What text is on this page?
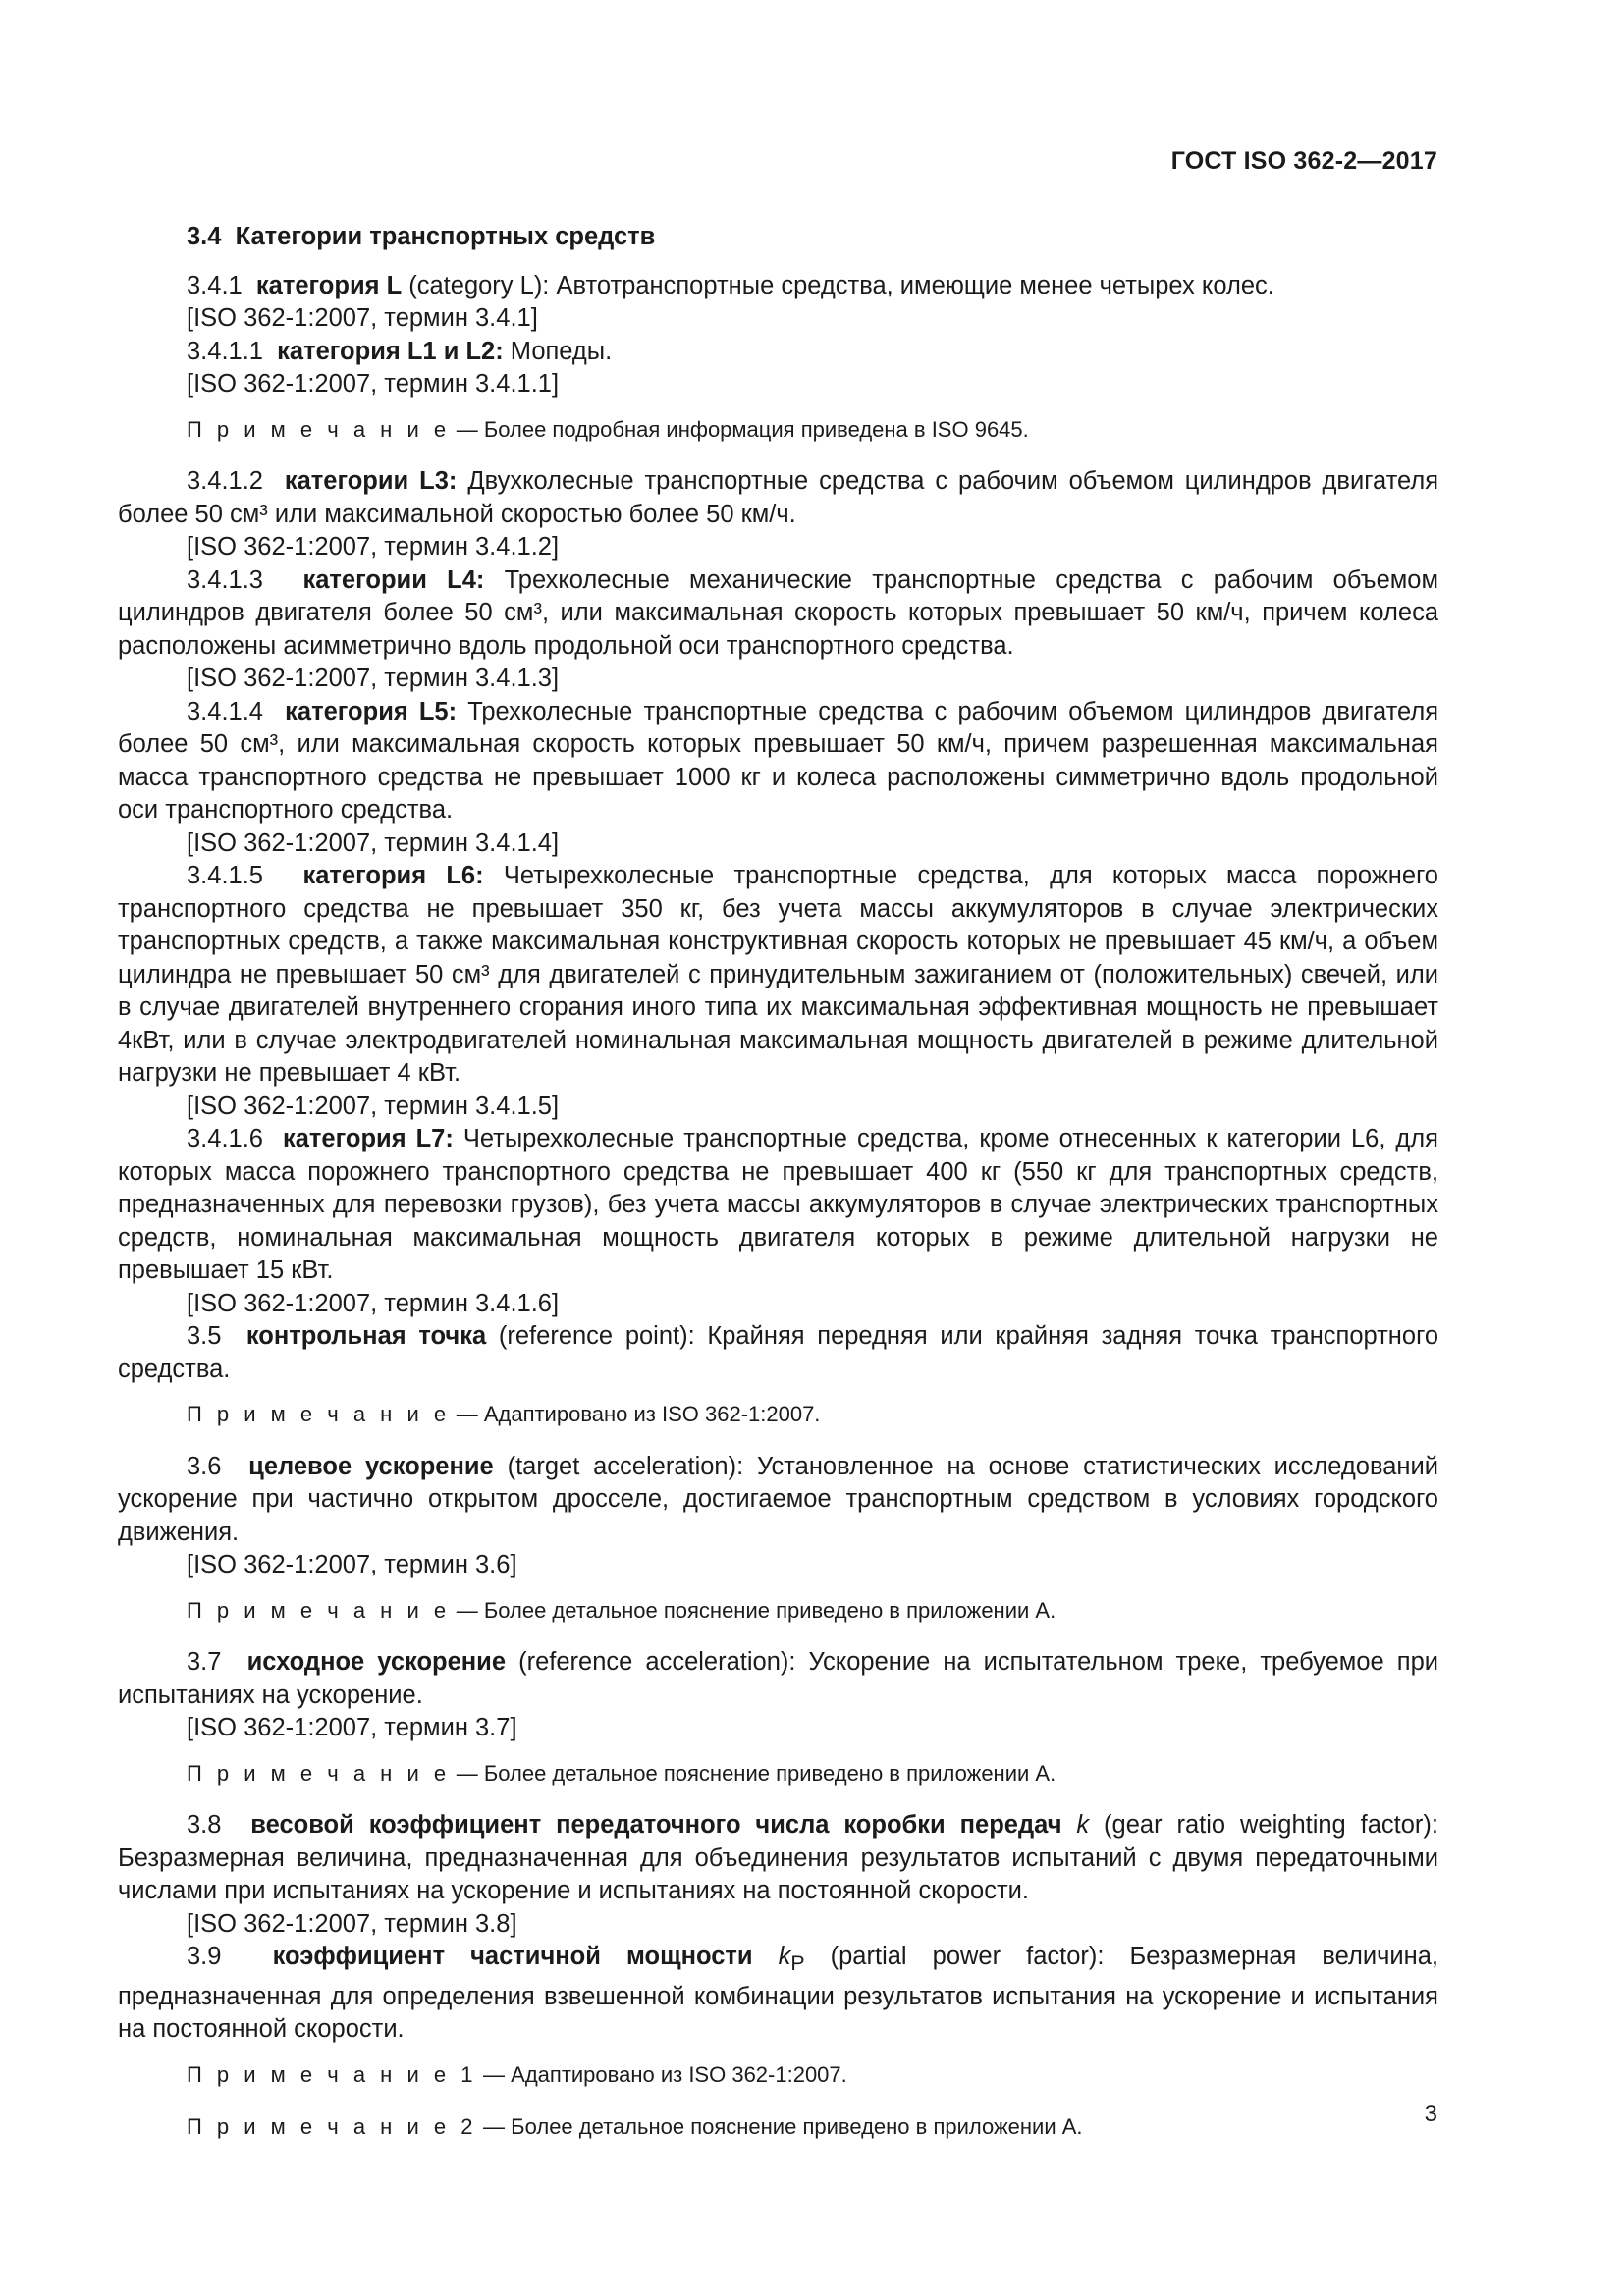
ГОСТ ISO 362-2—2017

3.4 Категории транспортных средств

3.4.1 категория L (category L): Автотранспортные средства, имеющие менее четырех колес.

[ISO 362-1:2007, термин 3.4.1]

3.4.1.1 категория L1 и L2: Мопеды.

[ISO 362-1:2007, термин 3.4.1.1]

П р и м е ч а н и е — Более подробная информация приведена в ISO 9645.

3.4.1.2 категории L3: Двухколесные транспортные средства с рабочим объемом цилиндров двигателя более 50 см³ или максимальной скоростью более 50 км/ч.

[ISO 362-1:2007, термин 3.4.1.2]

3.4.1.3 категории L4: Трехколесные механические транспортные средства с рабочим объемом цилиндров двигателя более 50 см³, или максимальная скорость которых превышает 50 км/ч, причем колеса расположены асимметрично вдоль продольной оси транспортного средства.

[ISO 362-1:2007, термин 3.4.1.3]

3.4.1.4 категория L5: Трехколесные транспортные средства с рабочим объемом цилиндров двигателя более 50 см³, или максимальная скорость которых превышает 50 км/ч, причем разрешенная максимальная масса транспортного средства не превышает 1000 кг и колеса расположены симметрично вдоль продольной оси транспортного средства.

[ISO 362-1:2007, термин 3.4.1.4]

3.4.1.5 категория L6: Четырехколесные транспортные средства, для которых масса порожнего транспортного средства не превышает 350 кг, без учета массы аккумуляторов в случае электрических транспортных средств, а также максимальная конструктивная скорость которых не превышает 45 км/ч, а объем цилиндра не превышает 50 см³ для двигателей с принудительным зажиганием от (положительных) свечей, или в случае двигателей внутреннего сгорания иного типа их максимальная эффективная мощность не превышает 4кВт, или в случае электродвигателей номинальная максимальная мощность двигателей в режиме длительной нагрузки не превышает 4 кВт.

[ISO 362-1:2007, термин 3.4.1.5]

3.4.1.6 категория L7: Четырехколесные транспортные средства, кроме отнесенных к категории L6, для которых масса порожнего транспортного средства не превышает 400 кг (550 кг для транспортных средств, предназначенных для перевозки грузов), без учета массы аккумуляторов в случае электрических транспортных средств, номинальная максимальная мощность двигателя которых в режиме длительной нагрузки не превышает 15 кВт.

[ISO 362-1:2007, термин 3.4.1.6]

3.5 контрольная точка (reference point): Крайняя передняя или крайняя задняя точка транспортного средства.

П р и м е ч а н и е — Адаптировано из ISO 362-1:2007.

3.6 целевое ускорение (target acceleration): Установленное на основе статистических исследований ускорение при частично открытом дросселе, достигаемое транспортным средством в условиях городского движения.

[ISO 362-1:2007, термин 3.6]

П р и м е ч а н и е — Более детальное пояснение приведено в приложении А.

3.7 исходное ускорение (reference acceleration): Ускорение на испытательном треке, требуемое при испытаниях на ускорение.

[ISO 362-1:2007, термин 3.7]

П р и м е ч а н и е — Более детальное пояснение приведено в приложении А.

3.8 весовой коэффициент передаточного числа коробки передач k (gear ratio weighting factor): Безразмерная величина, предназначенная для объединения результатов испытаний с двумя передаточными числами при испытаниях на ускорение и испытаниях на постоянной скорости.

[ISO 362-1:2007, термин 3.8]

3.9 коэффициент частичной мощности $k_P$ (partial power factor): Безразмерная величина, предназначенная для определения взвешенной комбинации результатов испытания на ускорение и испытания на постоянной скорости.

П р и м е ч а н и е 1 — Адаптировано из ISO 362-1:2007.

П р и м е ч а н и е 2 — Более детальное пояснение приведено в приложении А.	3
